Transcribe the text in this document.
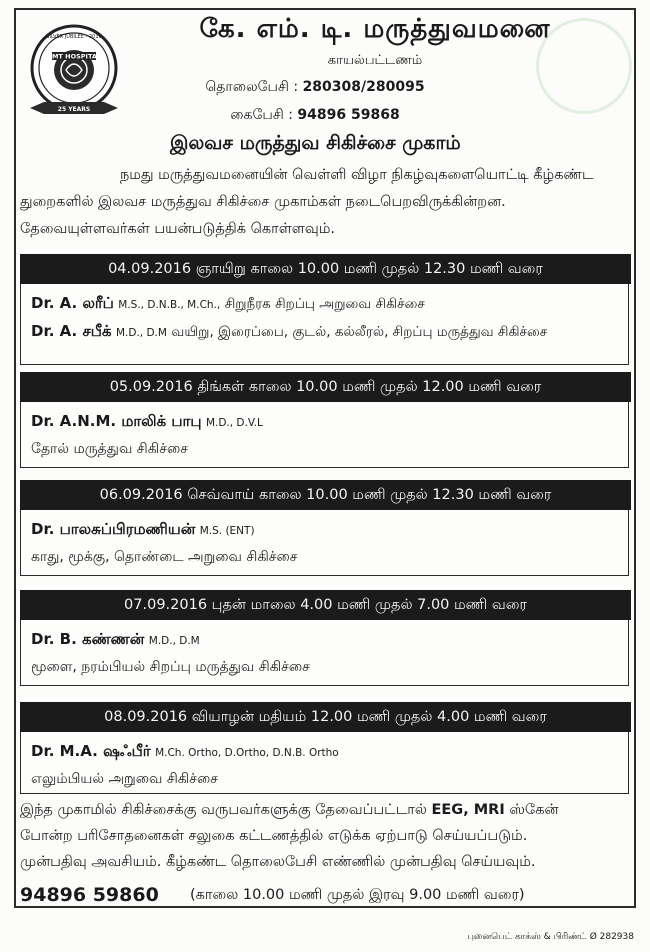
KMT HOSPITAL
SILVER JUBILEE - 2016
25 YEARS
கே. எம். டி. மருத்துவமனை
காயல்பட்டணம்
தொலைபேசி : 280308/280095
கைபேசி : 94896 59868
இலவச மருத்துவ சிகிச்சை முகாம்
நமது மருத்துவமனையின் வெள்ளி விழா நிகழ்வுகளையொட்டி கீழ்கண்ட
துறைகளில் இலவச மருத்துவ சிகிச்சை முகாம்கள் நடைபெறவிருக்கின்றன.
தேவையுள்ளவர்கள் பயன்படுத்திக் கொள்ளவும்.
04.09.2016 ஞாயிறு காலை 10.00 மணி முதல் 12.30 மணி வரை
Dr. A. லரீப் M.S., D.N.B., M.Ch., சிறுநீரக சிறப்பு அறுவை சிகிச்சை
Dr. A. சபீக் M.D., D.M வயிறு, இரைப்பை, குடல், கல்லீரல், சிறப்பு மருத்துவ சிகிச்சை
05.09.2016 திங்கள் காலை 10.00 மணி முதல் 12.00 மணி வரை
Dr. A.N.M. மாலிக் பாபு M.D., D.V.L
தோல் மருத்துவ சிகிச்சை
06.09.2016 செவ்வாய் காலை 10.00 மணி முதல் 12.30 மணி வரை
Dr. பாலசுப்பிரமணியன் M.S. (ENT)
காது, மூக்கு, தொண்டை அறுவை சிகிச்சை
07.09.2016 புதன் மாலை 4.00 மணி முதல் 7.00 மணி வரை
Dr. B. கண்ணன் M.D., D.M
மூளை, நரம்பியல் சிறப்பு மருத்துவ சிகிச்சை
08.09.2016 வியாழன் மதியம் 12.00 மணி முதல் 4.00 மணி வரை
Dr. M.A. ஷஃபீர் M.Ch. Ortho, D.Ortho, D.N.B. Ortho
எலும்பியல் அறுவை சிகிச்சை
இந்த முகாமில் சிகிச்சைக்கு வருபவர்களுக்கு தேவைப்பட்டால் EEG, MRI ஸ்கேன்
போன்ற பரிசோதனைகள் சலுகை கட்டணத்தில் எடுக்க ஏற்பாடு செய்யப்படும்.
முன்பதிவு அவசியம். கீழ்கண்ட தொலைபேசி எண்ணில் முன்பதிவு செய்யவும்.
94896 59860 (காலை 10.00 மணி முதல் இரவு 9.00 மணி வரை)
புனைபெட் காக்ஸ் & பிரிண்ட் Ø 282938
